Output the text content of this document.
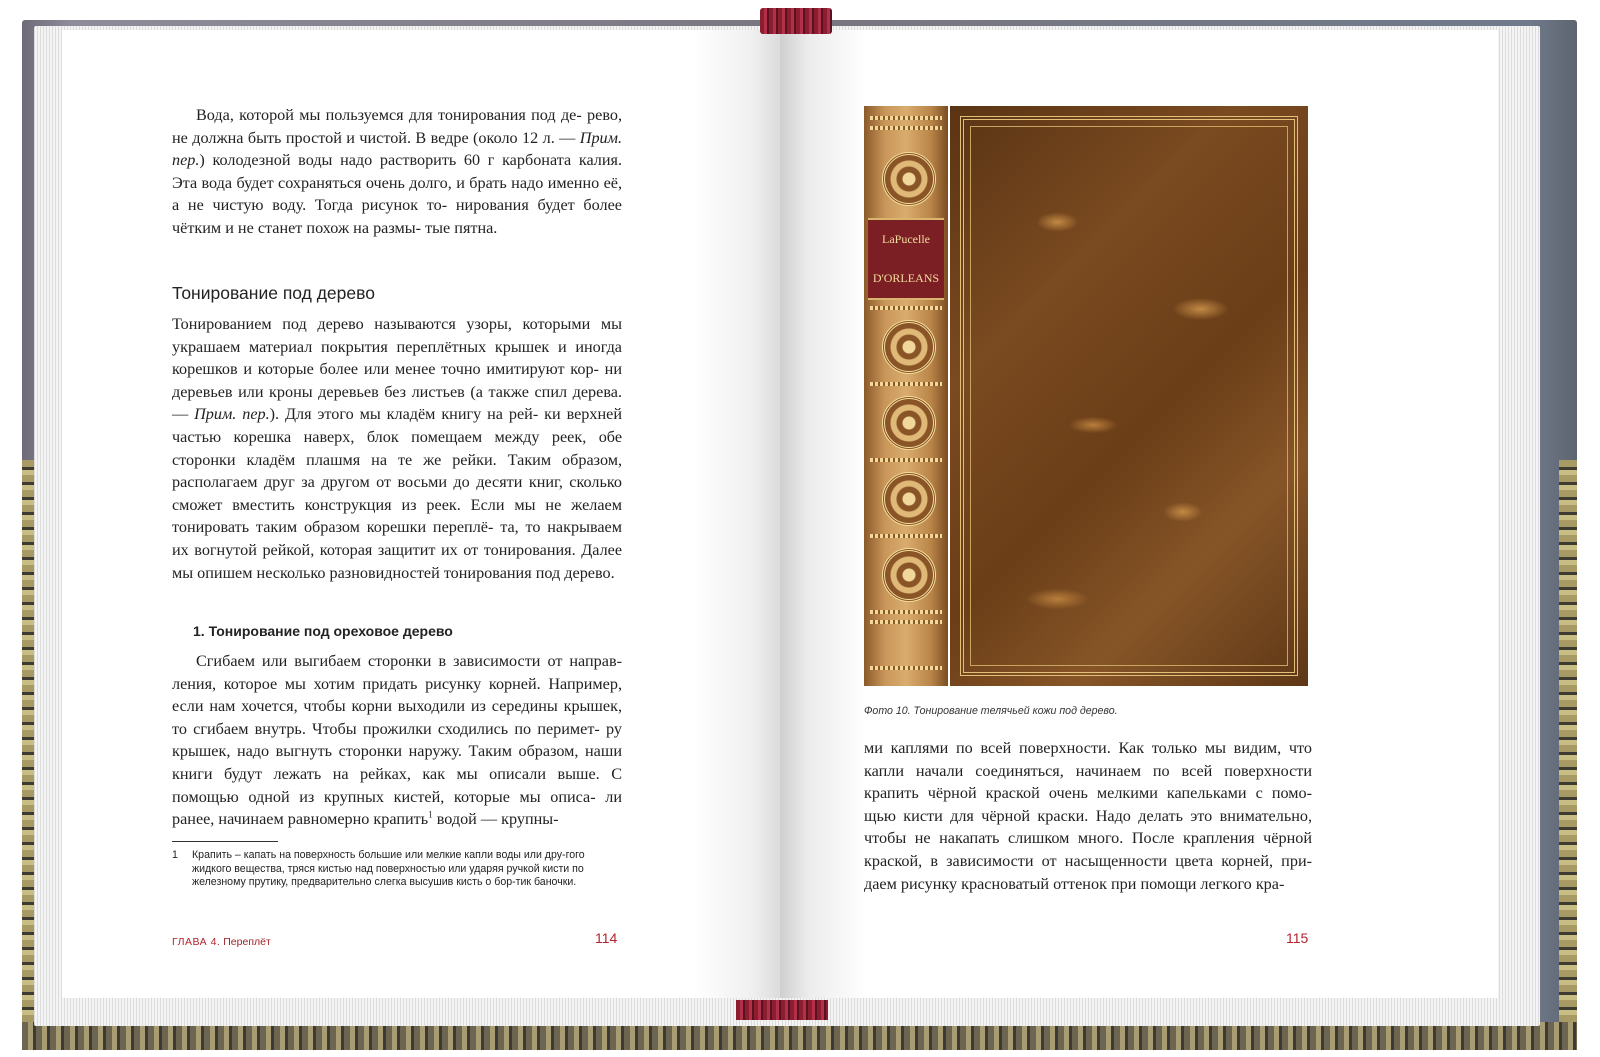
Вода, которой мы пользуемся для тонирования под де- рево, не должна быть простой и чистой. В ведре (около 12 л. — Прим. пер.) колодезной воды надо растворить 60 г карбоната калия. Эта вода будет сохраняться очень долго, и брать надо именно её, а не чистую воду. Тогда рисунок то- нирования будет более чётким и не станет похож на размы- тые пятна.

Тонирование под дерево

Тонированием под дерево называются узоры, которыми мы украшаем материал покрытия переплётных крышек и иногда корешков и которые более или менее точно имитируют кор- ни деревьев или кроны деревьев без листьев (а также спил дерева. — Прим. пер.). Для этого мы кладём книгу на рей- ки верхней частью корешка наверх, блок помещаем между реек, обе сторонки кладём плашмя на те же рейки. Таким образом, располагаем друг за другом от восьми до десяти книг, сколько сможет вместить конструкция из реек. Если мы не желаем тонировать таким образом корешки переплё- та, то накрываем их вогнутой рейкой, которая защитит их от тонирования. Далее мы опишем несколько разновидностей тонирования под дерево.

1. Тонирование под ореховое дерево

Сгибаем или выгибаем сторонки в зависимости от направ- ления, которое мы хотим придать рисунку корней. Например, если нам хочется, чтобы корни выходили из середины крышек, то сгибаем внутрь. Чтобы прожилки сходились по перимет- ру крышек, надо выгнуть сторонки наружу. Таким образом, наши книги будут лежать на рейках, как мы описали выше. С помощью одной из крупных кистей, которые мы описа- ли ранее, начинаем равномерно крапить$^1$ водой — крупны-

1 Крапить – капать на поверхность большие или мелкие капли воды или дру-гого жидкого вещества, тряся кистью над поверхностью или ударяя ручкой кисти по железному прутику, предварительно слегка высушив кисть о бор-тик баночки.
ГЛАВА 4. Переплёт	114
LaPucelle
D'ORLEANS
Фото 10. Тонирование телячьей кожи под дерево.

ми каплями по всей поверхности. Как только мы видим, что капли начали соединяться, начинаем по всей поверхности крапить чёрной краской очень мелкими капельками с помо- щью кисти для чёрной краски. Надо делать это внимательно, чтобы не накапать слишком много. После крапления чёрной краской, в зависимости от насыщенности цвета корней, при- даем рисунку красноватый оттенок при помощи легкого кра-

115
